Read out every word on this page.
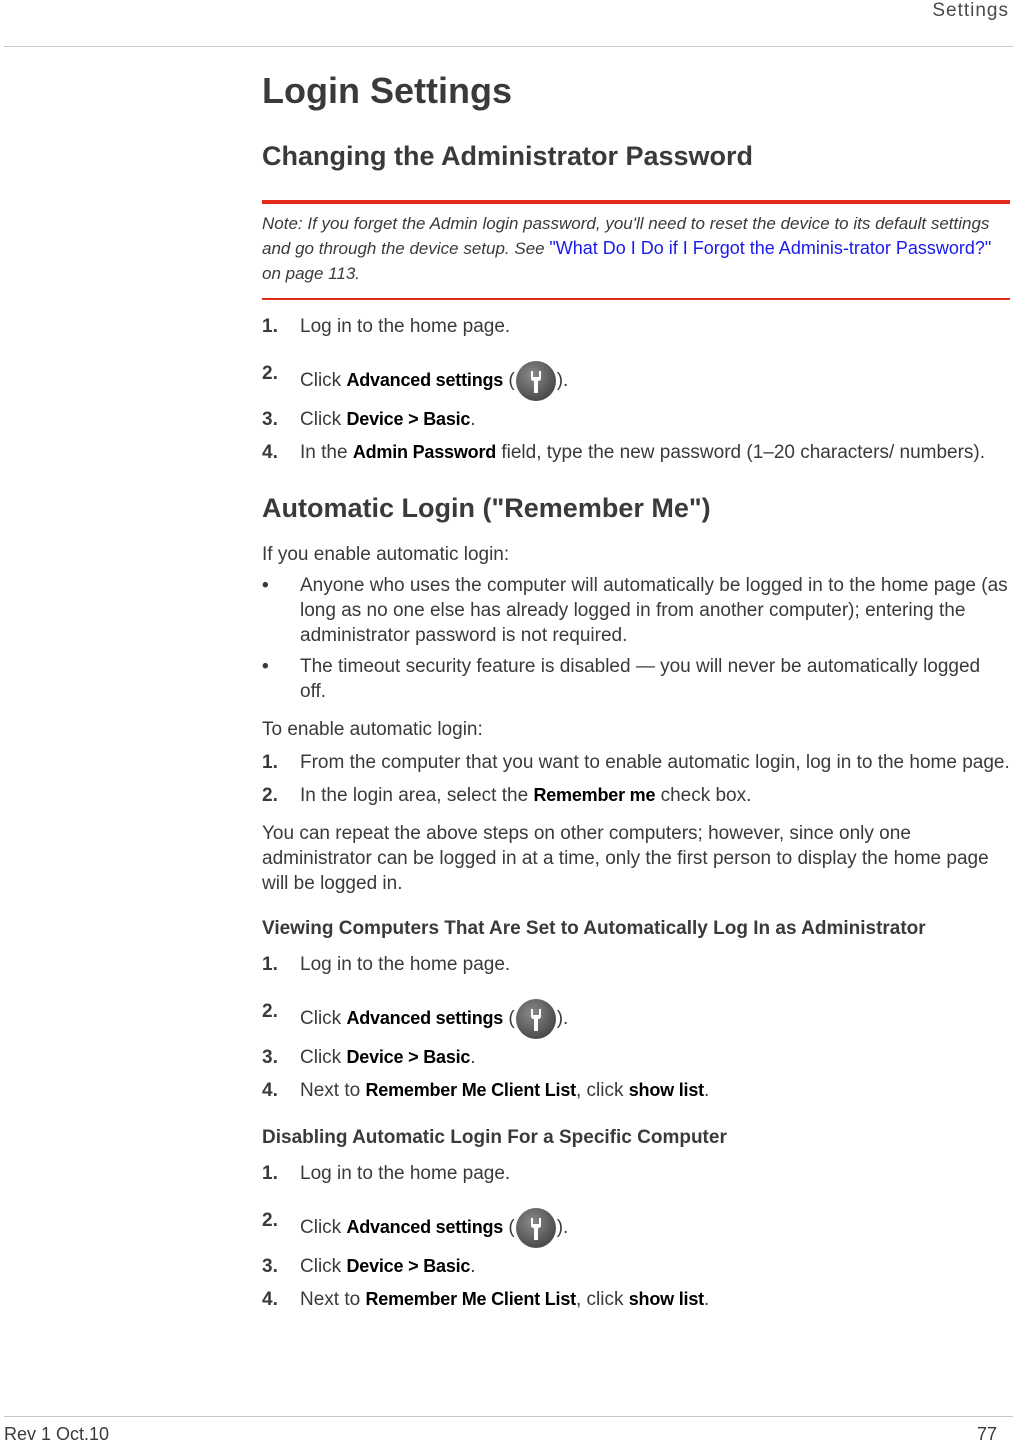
Settings
Login Settings
Changing the Administrator Password
Note: If you forget the Admin login password, you'll need to reset the device to its default settings and go through the device setup. See "What Do I Do if I Forgot the Adminis-trator Password?" on page 113.
1. Log in to the home page.
2. Click Advanced settings ( ).
3. Click Device > Basic.
4. In the Admin Password field, type the new password (1–20 characters/ numbers).
Automatic Login ("Remember Me")

If you enable automatic login:

• Anyone who uses the computer will automatically be logged in to the home page (as long as no one else has already logged in from another computer); entering the administrator password is not required.
• The timeout security feature is disabled — you will never be automatically logged off.

To enable automatic login:

1. From the computer that you want to enable automatic login, log in to the home page.
2. In the login area, select the Remember me check box.

You can repeat the above steps on other computers; however, since only one administrator can be logged in at a time, only the first person to display the home page will be logged in.

Viewing Computers That Are Set to Automatically Log In as Administrator
1. Log in to the home page.
2. Click Advanced settings ( ).
3. Click Device > Basic.
4. Next to Remember Me Client List, click show list.
Disabling Automatic Login For a Specific Computer
1. Log in to the home page.
2. Click Advanced settings ( ).
3. Click Device > Basic.
4. Next to Remember Me Client List, click show list.
Rev 1 Oct.10	77
